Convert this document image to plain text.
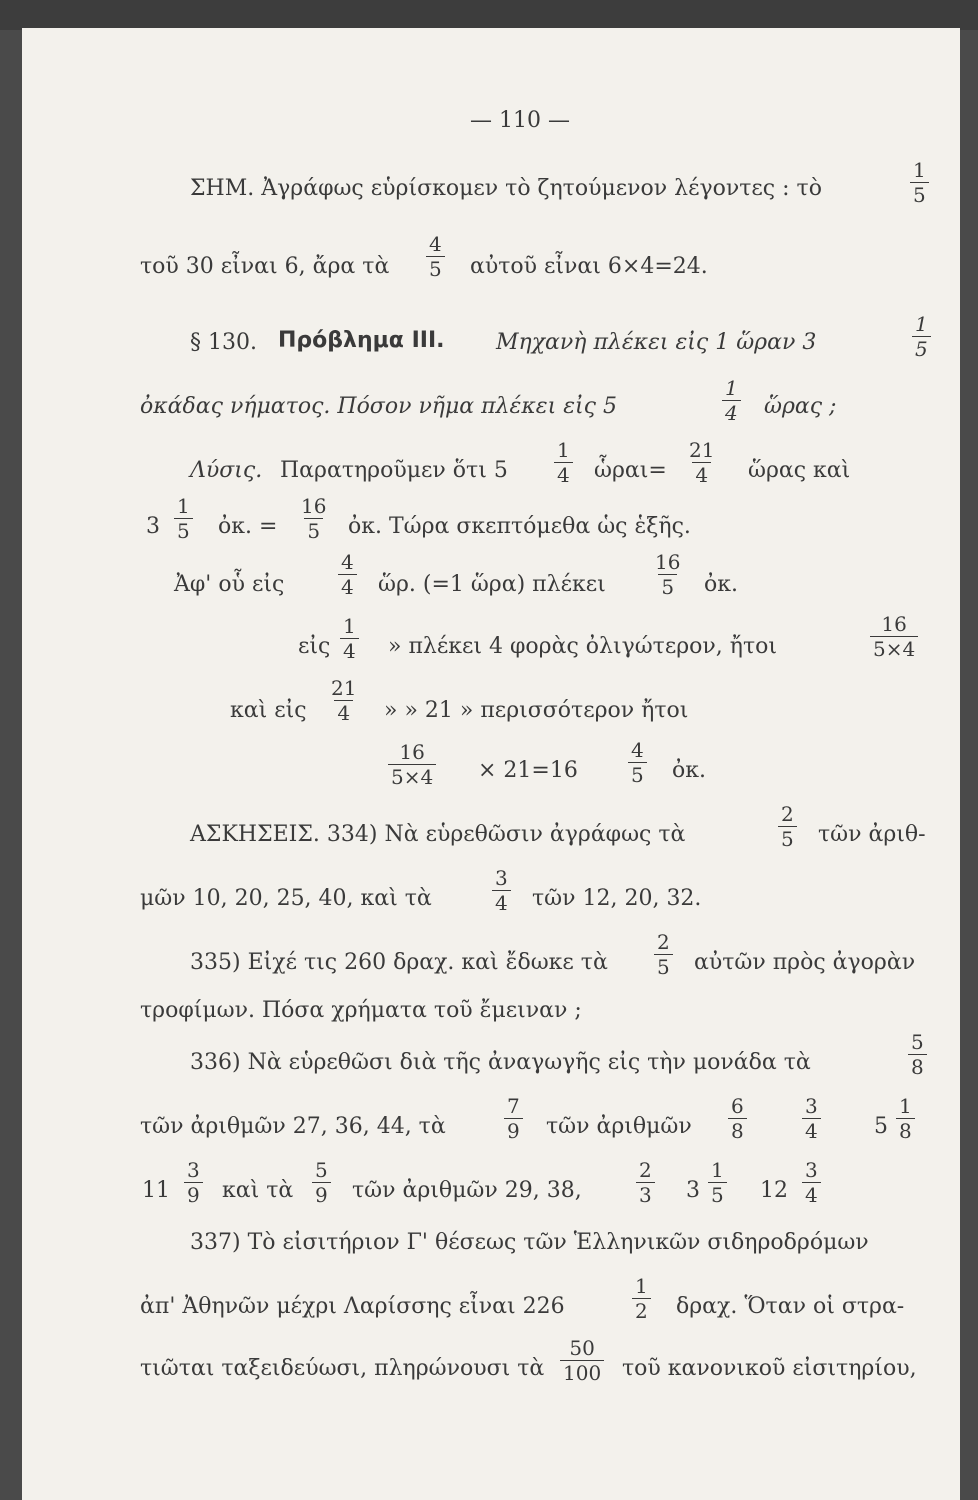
— 110 —
ΣΗΜ. Ἀγράφως εὑρίσκομεν τὸ ζητούμενον λέγοντες : τὸ	$\frac{1}{5}$
τοῦ 30 εἶναι 6, ἄρα τὰ $\frac{4}{5}$ αὐτοῦ εἶναι 6×4=24.
§ 130. Πρόβλημα III. Μηχανὴ πλέκει εἰς 1 ὥραν 3	$\frac{1}{5}$
ὀκάδας νήματος. Πόσον νῆμα πλέκει εἰς 5	$\frac{1}{4}$ ὥρας ;
Λύσις. Παρατηροῦμεν ὅτι $5 \frac{1}{4}$ ὧραι= $\frac{21}{4}$ ὥρας καὶ
$3 \frac{1}{5}$ ὀκ. = $\frac{16}{5}$ ὀκ. Τώρα σκεπτόμεθα ὡς ἑξῆς.
Ἀφ' οὗ εἰς	$\frac{4}{4}$ ὥρ. (=1 ὥρα) πλέκει $\frac{16}{5}$ ὀκ.
εἰς $\frac{1}{4}$ » πλέκει 4 φορὰς ὀλιγώτερον, ἤτοι	$\frac{16}{5\times 4}$
καὶ εἰς $\frac{21}{4}$ » » 21 » περισσότερον ἤτοι
$\frac{16}{5\times 4} \times 21=16$	$\frac{4}{5}$ ὀκ.
ΑΣΚΗΣΕΙΣ. 334) Νὰ εὑρεθῶσιν ἀγράφως τὰ	$\frac{2}{5}$ τῶν ἀριθ-
μῶν 10, 20, 25, 40, καὶ τὰ	$\frac{3}{4}$ τῶν 12, 20, 32.
335) Εἰχέ τις 260 δραχ. καὶ ἔδωκε τὰ $\frac{2}{5}$ αὐτῶν πρὸς ἀγορὰν
τροφίμων. Πόσα χρήματα τοῦ ἔμειναν ;
336) Νὰ εὑρεθῶσι διὰ τῆς ἀναγωγῆς εἰς τὴν μονάδα τὰ	$\frac{5}{8}$
τῶν ἀριθμῶν 27, 36, 44, τὰ	$\frac{7}{9}$ τῶν ἀριθμῶν $\frac{6}{8}$	$\frac{3}{4} 5 \frac{1}{8}$
$11 \frac{3}{9}$ καὶ τὰ $\frac{5}{9}$ τῶν ἀριθμῶν 29, 38,	$\frac{2}{3} 3 \frac{1}{5} 12 \frac{3}{4}$
337) Τὸ εἰσιτήριον Γ' θέσεως τῶν Ἑλληνικῶν σιδηροδρόμων
ἀπ' Ἀθηνῶν μέχρι Λαρίσσης εἶναι 226	$\frac{1}{2} \delta\rho\alpha\chi$. Ὅταν οἱ στρα-
τιῶται ταξειδεύωσι, πληρώνουσι τὰ $\frac{50}{100}$ τοῦ κανονικοῦ εἰσιτηρίου,
